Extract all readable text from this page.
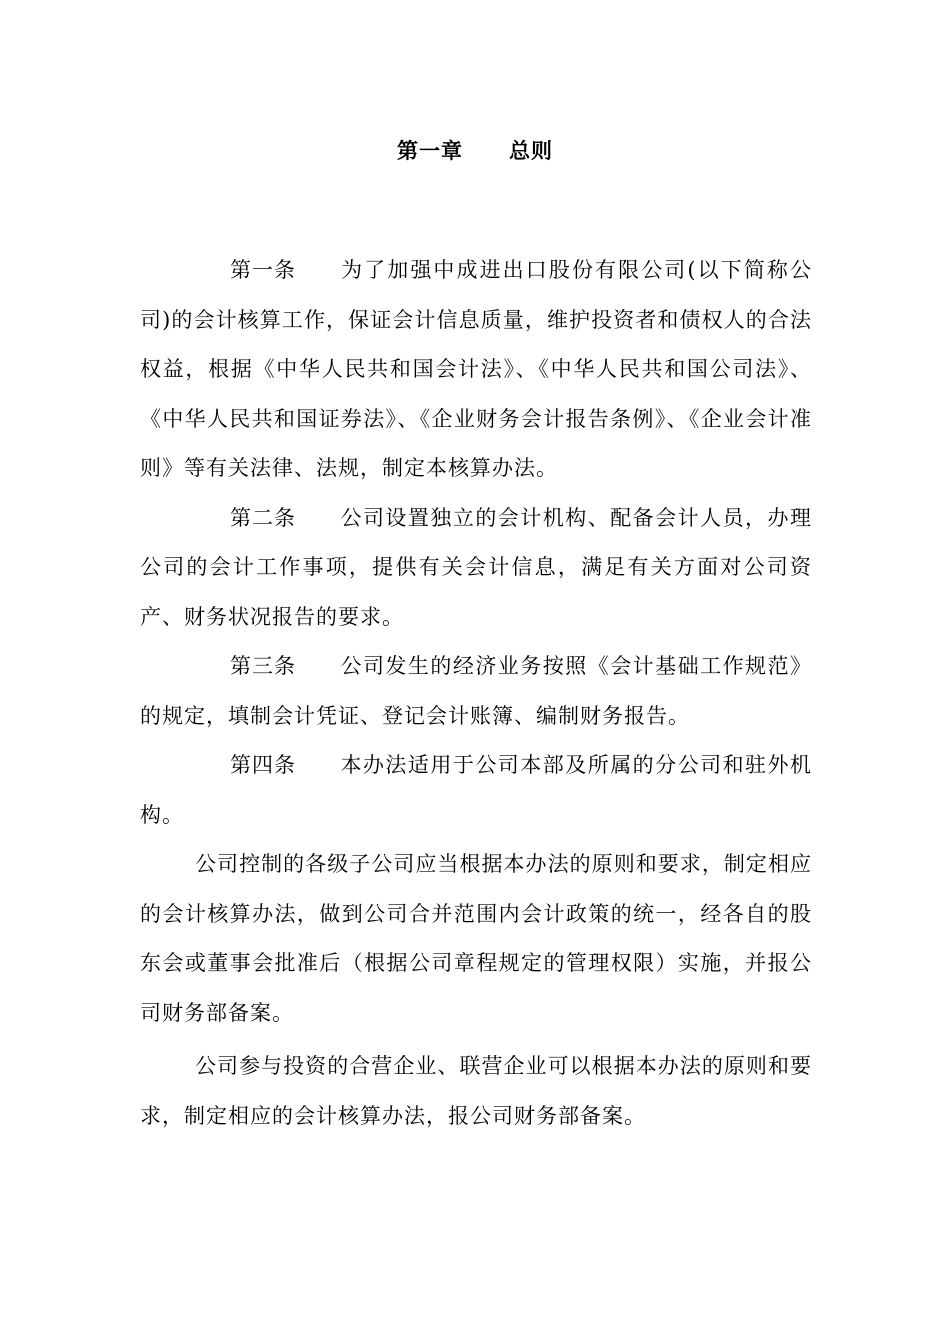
第一章 总则

第一条 为了加强中成进出口股份有限公司(以下简称公司)的会计核算工作，保证会计信息质量，维护投资者和债权人的合法权益，根据《中华人民共和国会计法》、《中华人民共和国公司法》、《中华人民共和国证券法》、《企业财务会计报告条例》、《企业会计准则》等有关法律、法规，制定本核算办法。

第二条 公司设置独立的会计机构、配备会计人员，办理公司的会计工作事项，提供有关会计信息，满足有关方面对公司资产、财务状况报告的要求。

第三条 公司发生的经济业务按照《会计基础工作规范》的规定，填制会计凭证、登记会计账簿、编制财务报告。

第四条 本办法适用于公司本部及所属的分公司和驻外机构。

公司控制的各级子公司应当根据本办法的原则和要求，制定相应的会计核算办法，做到公司合并范围内会计政策的统一，经各自的股东会或董事会批准后（根据公司章程规定的管理权限）实施，并报公司财务部备案。

公司参与投资的合营企业、联营企业可以根据本办法的原则和要求，制定相应的会计核算办法，报公司财务部备案。
